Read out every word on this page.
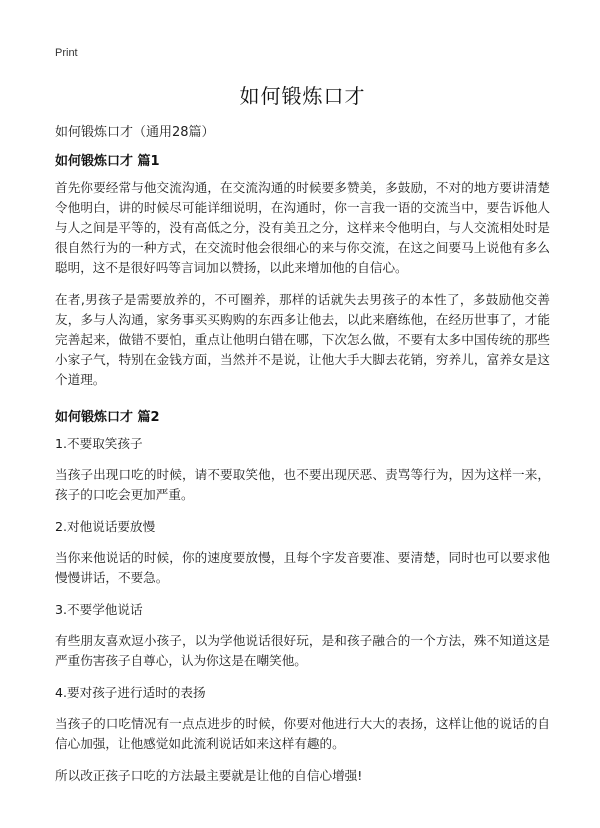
Print
如何锻炼口才
如何锻炼口才（通用28篇）
如何锻炼口才 篇1

首先你要经常与他交流沟通，在交流沟通的时候要多赞美，多鼓励，不对的地方要讲清楚令他明白，讲的时候尽可能详细说明，在沟通时，你一言我一语的交流当中，要告诉他人与人之间是平等的，没有高低之分，没有美丑之分，这样来令他明白，与人交流相处时是很自然行为的一种方式，在交流时他会很细心的来与你交流，在这之间要马上说他有多么聪明，这不是很好吗等言词加以赞扬，以此来增加他的自信心。

在者,男孩子是需要放养的，不可圈养，那样的话就失去男孩子的本性了，多鼓励他交善友，多与人沟通，家务事买买购购的东西多让他去，以此来磨练他，在经历世事了，才能完善起来，做错不要怕，重点让他明白错在哪，下次怎么做，不要有太多中国传统的那些小家子气，特别在金钱方面，当然并不是说，让他大手大脚去花销，穷养儿，富养女是这个道理。

如何锻炼口才 篇2
1.不要取笑孩子

当孩子出现口吃的时候，请不要取笑他，也不要出现厌恶、责骂等行为，因为这样一来，孩子的口吃会更加严重。

2.对他说话要放慢

当你来他说话的时候，你的速度要放慢，且每个字发音要准、要清楚，同时也可以要求他慢慢讲话，不要急。

3.不要学他说话

有些朋友喜欢逗小孩子，以为学他说话很好玩，是和孩子融合的一个方法，殊不知道这是严重伤害孩子自尊心，认为你这是在嘲笑他。

4.要对孩子进行适时的表扬

当孩子的口吃情况有一点点进步的时候，你要对他进行大大的表扬，这样让他的说话的自信心加强，让他感觉如此流利说话如来这样有趣的。

所以改正孩子口吃的方法最主要就是让他的自信心增强!
